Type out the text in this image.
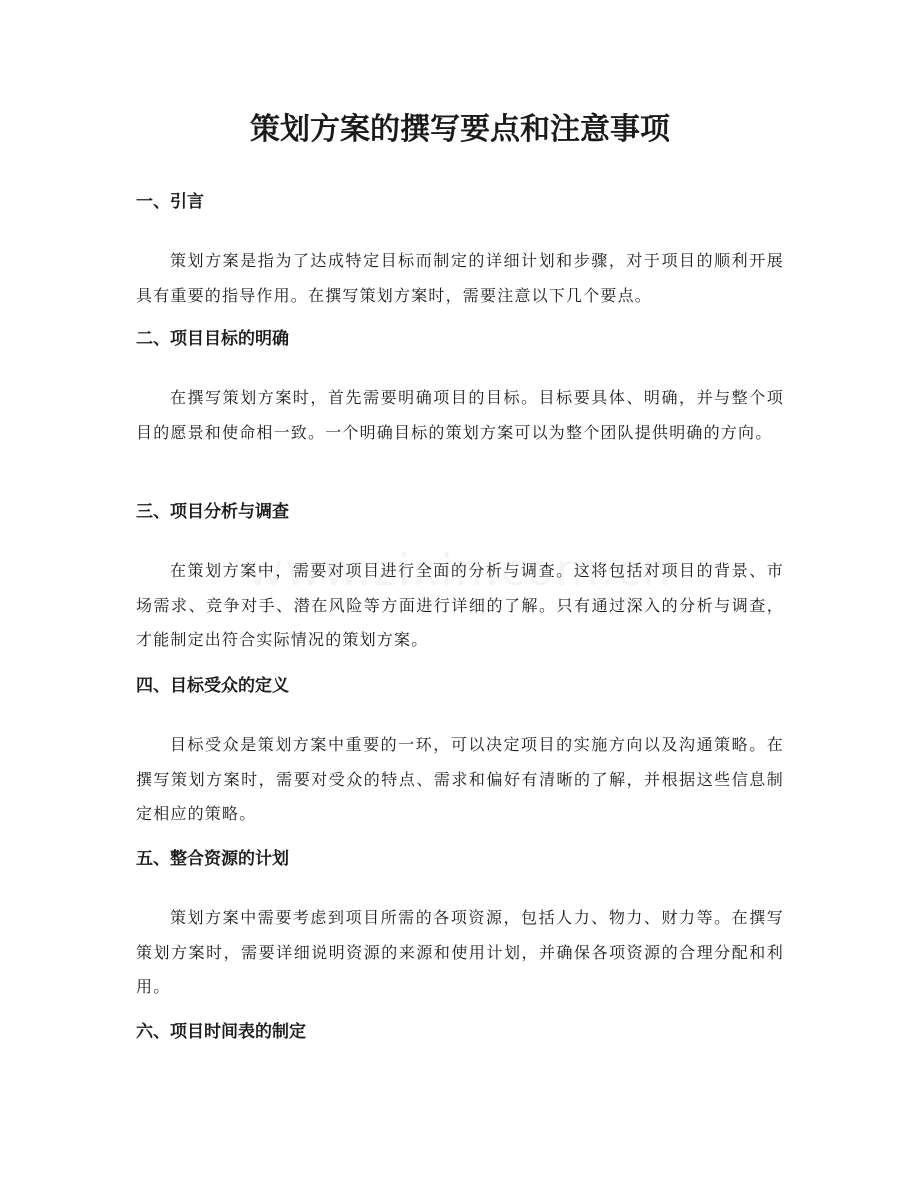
策划方案的撰写要点和注意事项
一、引言

策划方案是指为了达成特定目标而制定的详细计划和步骤，对于项目的顺利开展具有重要的指导作用。在撰写策划方案时，需要注意以下几个要点。

二、项目目标的明确

在撰写策划方案时，首先需要明确项目的目标。目标要具体、明确，并与整个项目的愿景和使命相一致。一个明确目标的策划方案可以为整个团队提供明确的方向。

三、项目分析与调查

在策划方案中，需要对项目进行全面的分析与调查。这将包括对项目的背景、市场需求、竞争对手、潜在风险等方面进行详细的了解。只有通过深入的分析与调查，才能制定出符合实际情况的策划方案。

四、目标受众的定义

目标受众是策划方案中重要的一环，可以决定项目的实施方向以及沟通策略。在撰写策划方案时，需要对受众的特点、需求和偏好有清晰的了解，并根据这些信息制定相应的策略。

五、整合资源的计划

策划方案中需要考虑到项目所需的各项资源，包括人力、物力、财力等。在撰写策划方案时，需要详细说明资源的来源和使用计划，并确保各项资源的合理分配和利用。

六、项目时间表的制定
